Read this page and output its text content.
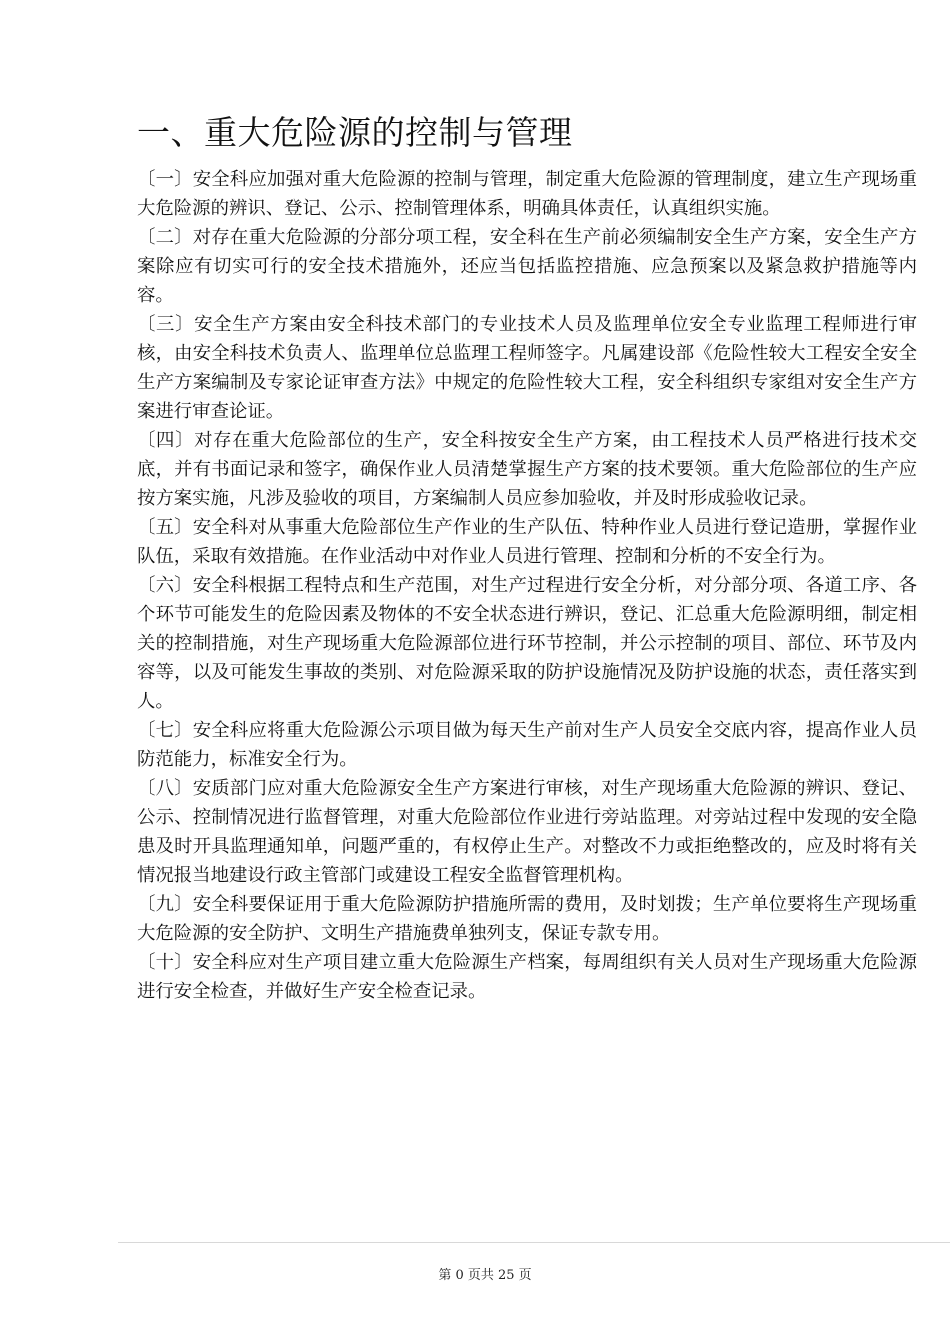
一、重大危险源的控制与管理

〔一〕安全科应加强对重大危险源的控制与管理，制定重大危险源的管理制度，建立生产现场重大危险源的辨识、登记、公示、控制管理体系，明确具体责任，认真组织实施。

〔二〕对存在重大危险源的分部分项工程，安全科在生产前必须编制安全生产方案，安全生产方案除应有切实可行的安全技术措施外，还应当包括监控措施、应急预案以及紧急救护措施等内容。

〔三〕安全生产方案由安全科技术部门的专业技术人员及监理单位安全专业监理工程师进行审核，由安全科技术负责人、监理单位总监理工程师签字。凡属建设部《危险性较大工程安全安全生产方案编制及专家论证审查方法》中规定的危险性较大工程，安全科组织专家组对安全生产方案进行审查论证。

〔四〕对存在重大危险部位的生产，安全科按安全生产方案，由工程技术人员严格进行技术交底，并有书面记录和签字，确保作业人员清楚掌握生产方案的技术要领。重大危险部位的生产应按方案实施，凡涉及验收的项目，方案编制人员应参加验收，并及时形成验收记录。

〔五〕安全科对从事重大危险部位生产作业的生产队伍、特种作业人员进行登记造册，掌握作业队伍，采取有效措施。在作业活动中对作业人员进行管理、控制和分析的不安全行为。

〔六〕安全科根据工程特点和生产范围，对生产过程进行安全分析，对分部分项、各道工序、各个环节可能发生的危险因素及物体的不安全状态进行辨识，登记、汇总重大危险源明细，制定相关的控制措施，对生产现场重大危险源部位进行环节控制，并公示控制的项目、部位、环节及内容等，以及可能发生事故的类别、对危险源采取的防护设施情况及防护设施的状态，责任落实到人。

〔七〕安全科应将重大危险源公示项目做为每天生产前对生产人员安全交底内容，提高作业人员防范能力，标准安全行为。

〔八〕安质部门应对重大危险源安全生产方案进行审核，对生产现场重大危险源的辨识、登记、公示、控制情况进行监督管理，对重大危险部位作业进行旁站监理。对旁站过程中发现的安全隐患及时开具监理通知单，问题严重的，有权停止生产。对整改不力或拒绝整改的，应及时将有关情况报当地建设行政主管部门或建设工程安全监督管理机构。

〔九〕安全科要保证用于重大危险源防护措施所需的费用，及时划拨；生产单位要将生产现场重大危险源的安全防护、文明生产措施费单独列支，保证专款专用。

〔十〕安全科应对生产项目建立重大危险源生产档案，每周组织有关人员对生产现场重大危险源进行安全检查，并做好生产安全检查记录。

第 0 页共 25 页
